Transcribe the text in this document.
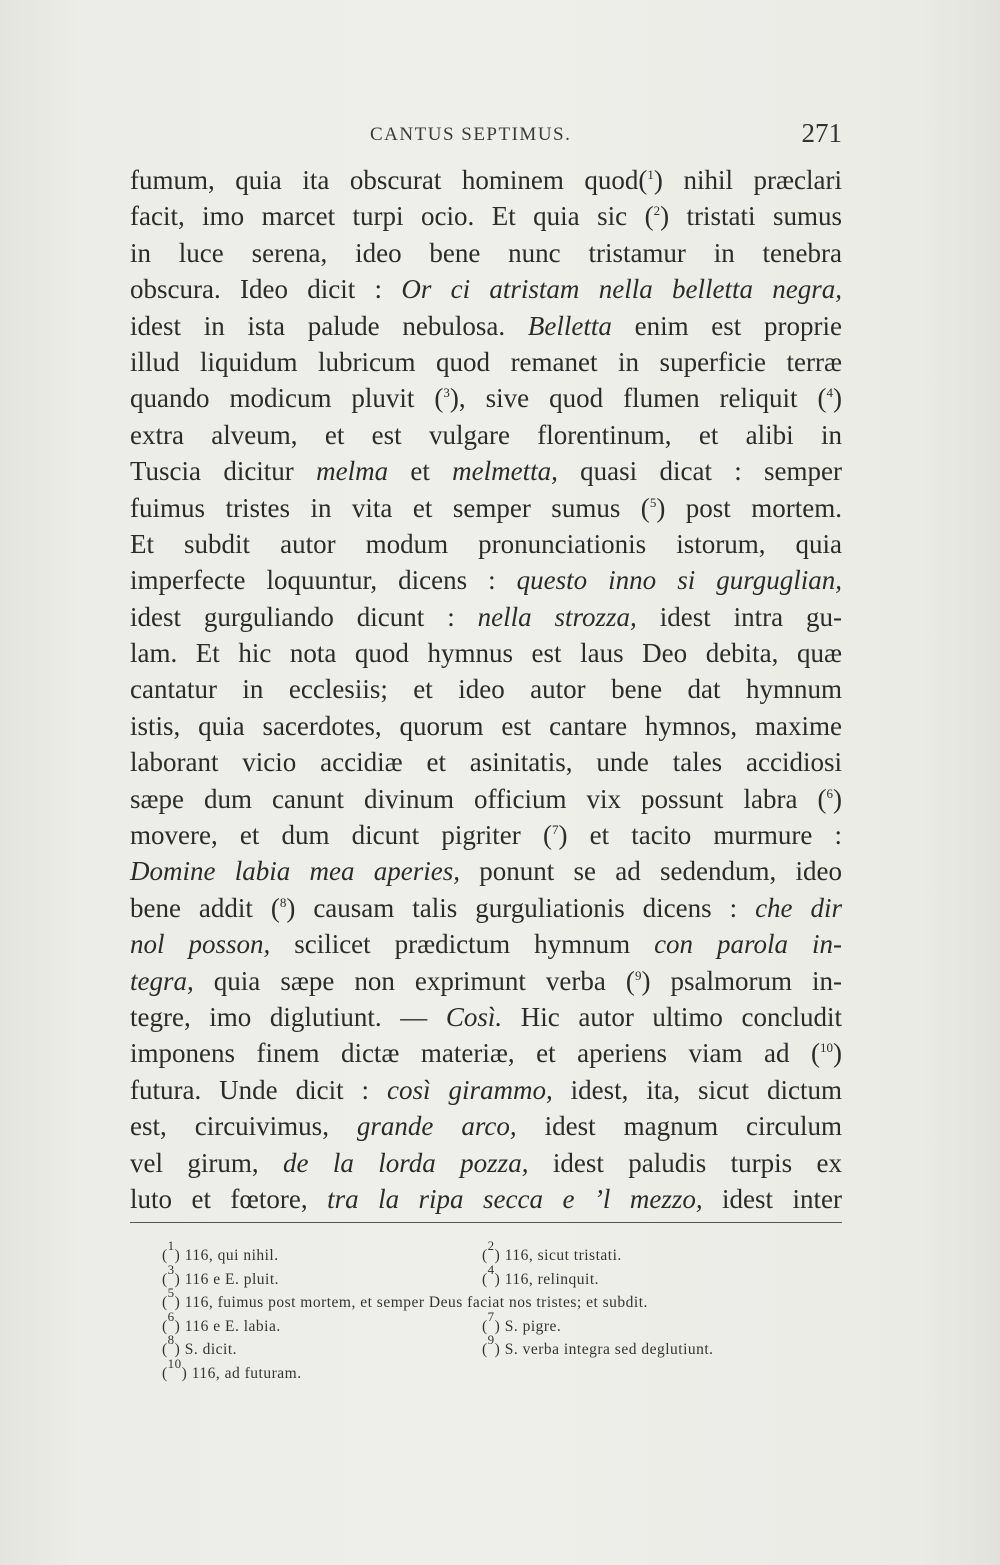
CANTUS SEPTIMUS.	271
fumum, quia ita obscurat hominem quod($^1$) nihil præclari
facit, imo marcet turpi ocio. Et quia sic ($^2$) tristati sumus
in luce serena, ideo bene nunc tristamur in tenebra
obscura. Ideo dicit : Or ci atristam nella belletta negra,
idest in ista palude nebulosa. Belletta enim est proprie
illud liquidum lubricum quod remanet in superficie terræ
quando modicum pluvit ($^3$), sive quod flumen reliquit ($^4$)
extra alveum, et est vulgare florentinum, et alibi in
Tuscia dicitur melma et melmetta, quasi dicat : semper
fuimus tristes in vita et semper sumus ($^5$) post mortem.
Et subdit autor modum pronunciationis istorum, quia
imperfecte loquuntur, dicens : questo inno si gurguglian,
idest gurguliando dicunt : nella strozza, idest intra gu-
lam. Et hic nota quod hymnus est laus Deo debita, quæ
cantatur in ecclesiis; et ideo autor bene dat hymnum
istis, quia sacerdotes, quorum est cantare hymnos, maxime
laborant vicio accidiæ et asinitatis, unde tales accidiosi
sæpe dum canunt divinum officium vix possunt labra ($^6$)
movere, et dum dicunt pigriter ($^7$) et tacito murmure :
Domine labia mea aperies, ponunt se ad sedendum, ideo
bene addit ($^8$) causam talis gurguliationis dicens : che dir
nol posson, scilicet prædictum hymnum con parola in-
tegra, quia sæpe non exprimunt verba ($^9$) psalmorum in-
tegre, imo diglutiunt. — Così. Hic autor ultimo concludit
imponens finem dictæ materiæ, et aperiens viam ad ($^{10}$)
futura. Unde dicit : così girammo, idest, ita, sicut dictum
est, circuivimus, grande arco, idest magnum circulum
vel girum, de la lorda pozza, idest paludis turpis ex
luto et fœtore, tra la ripa secca e ’l mezzo, idest inter
($^1$) 116, qui nihil.	($^2$) 116, sicut tristati.
($^3$) 116 e E. pluit.	($^4$) 116, relinquit.
($^5$) 116, fuimus post mortem, et semper Deus faciat nos tristes; et subdit.
($^6$) 116 e E. labia.	($^7$) S. pigre.
($^8$) S. dicit.	($^9$) S. verba integra sed deglutiunt.
($^{10}$) 116, ad futuram.
